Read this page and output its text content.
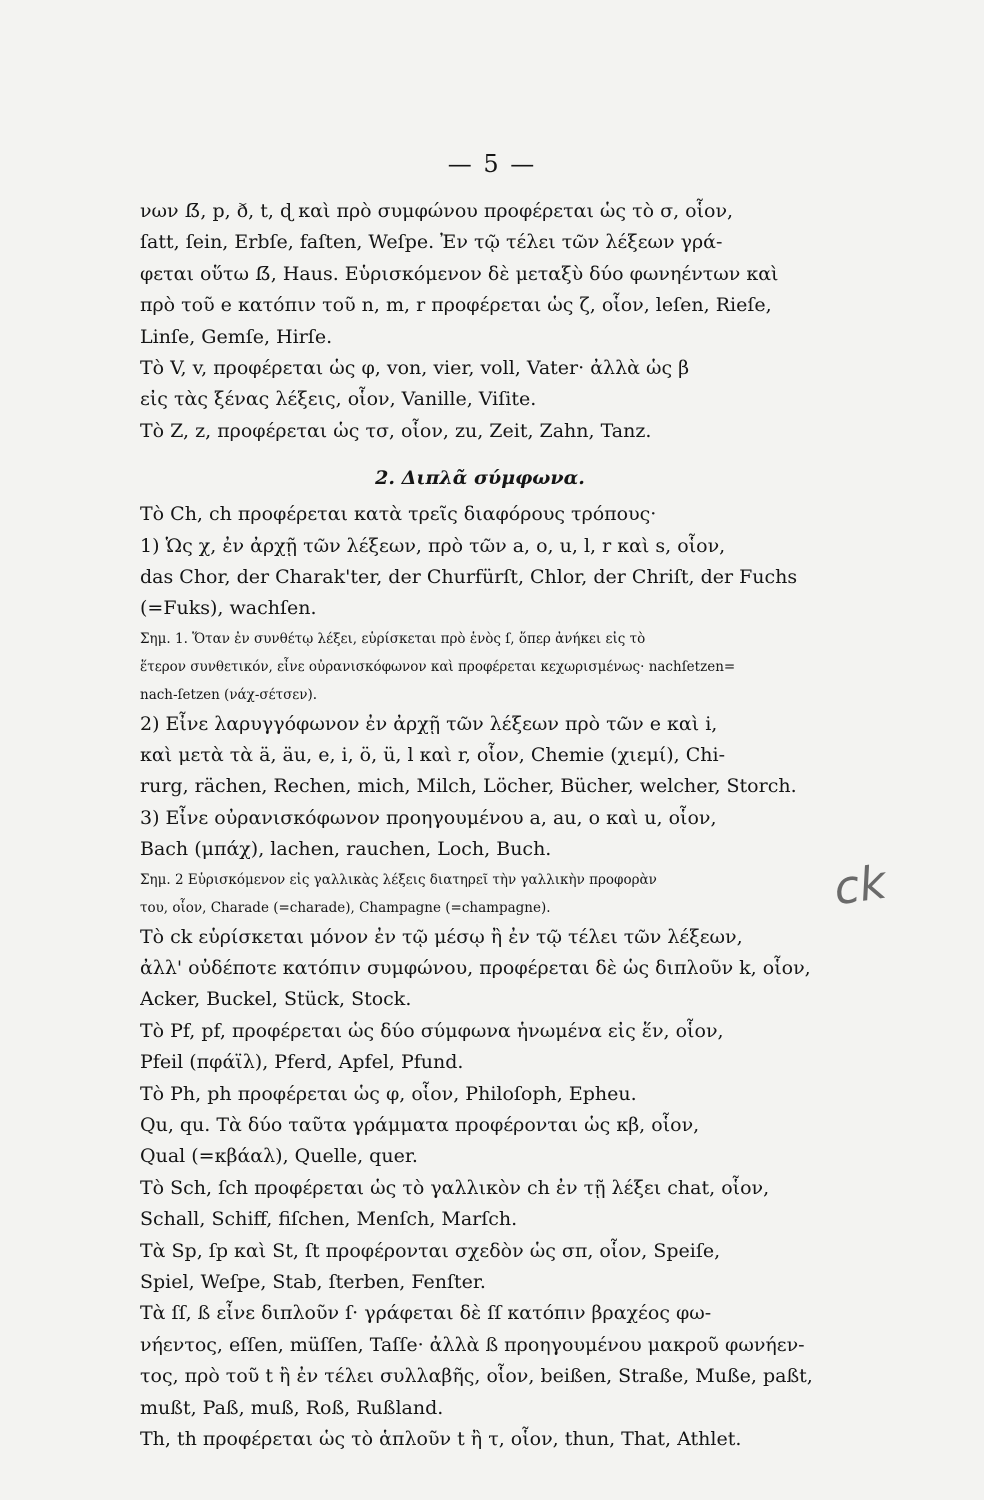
— 5 —
νων ẞ, p, ð, t, ɖ καὶ πρὸ συμφώνου προφέρεται ὡς τὸ σ, οἷον,
ſatt, ſein, Erbſe, faſten, Weſpe. Ἐν τῷ τέλει τῶν λέξεων γρά-
φεται οὕτω ẞ, Haus. Εὑρισκόμενον δὲ μεταξὺ δύο φωνηέντων καὶ
πρὸ τοῦ e κατόπιν τοῦ n, m, r προφέρεται ὡς ζ, οἷον, leſen, Rieſe,
Linſe, Gemſe, Hirſe.
Τὸ V, v, προφέρεται ὡς φ, von, vier, voll, Vater· ἀλλὰ ὡς β
εἰς τὰς ξένας λέξεις, οἷον, Vanille, Viſite.
Τὸ Z, z, προφέρεται ὡς τσ, οἷον, zu, Zeit, Zahn, Tanz.
2. Διπλᾶ σύμφωνα.
Τὸ Ch, ch προφέρεται κατὰ τρεῖς διαφόρους τρόπους·
1) Ὡς χ, ἐν ἀρχῇ τῶν λέξεων, πρὸ τῶν a, o, u, l, r καὶ s, οἷον,
das Chor, der Charak'ter, der Churfürſt, Chlor, der Chriſt, der Fuchs
(=Fuks), wachſen.
Σημ. 1. Ὅταν ἐν συνθέτῳ λέξει, εὑρίσκεται πρὸ ἑνὸς ſ, ὅπερ ἀνήκει εἰς τὸ
ἕτερον συνθετικόν, εἶνε οὐρανισκόφωνον καὶ προφέρεται κεχωρισμένως· nachſetzen=
nach-ſetzen (νάχ-σέτσεν).
2) Εἶνε λαρυγγόφωνον ἐν ἀρχῇ τῶν λέξεων πρὸ τῶν e καὶ i,
καὶ μετὰ τὰ ä, äu, e, i, ö, ü, l καὶ r, οἷον, Chemie (χιεμί), Chi-
rurg, rächen, Rechen, mich, Milch, Löcher, Bücher, welcher, Storch.
3) Εἶνε οὐρανισκόφωνον προηγουμένου a, au, o καὶ u, οἷον,
Bach (μπάχ), lachen, rauchen, Loch, Buch.
Σημ. 2 Εὑρισκόμενον εἰς γαλλικὰς λέξεις διατηρεῖ τὴν γαλλικὴν προφορὰν
του, οἷον, Charade (=charade), Champagne (=champagne).
Τὸ ck εὑρίσκεται μόνον ἐν τῷ μέσῳ ἢ ἐν τῷ τέλει τῶν λέξεων,
ἀλλ' οὐδέποτε κατόπιν συμφώνου, προφέρεται δὲ ὡς διπλοῦν k, οἷον,
Acker, Buckel, Stück, Stock.
Τὸ Pf, pf, προφέρεται ὡς δύο σύμφωνα ἡνωμένα εἰς ἕν, οἷον,
Pfeil (πφάϊλ), Pferd, Apfel, Pfund.
Τὸ Ph, ph προφέρεται ὡς φ, οἷον, Philoſoph, Epheu.
Qu, qu. Τὰ δύο ταῦτα γράμματα προφέρονται ὡς κβ, οἷον,
Qual (=κβάαλ), Quelle, quer.
Τὸ Sch, ſch προφέρεται ὡς τὸ γαλλικὸν ch ἐν τῇ λέξει chat, οἷον,
Schall, Schiff, fiſchen, Menſch, Marſch.
Τὰ Sp, ſp καὶ St, ſt προφέρονται σχεδὸν ὡς σπ, οἷον, Speiſe,
Spiel, Weſpe, Stab, ſterben, Fenſter.
Τὰ ſſ, ß εἶνε διπλοῦν ſ· γράφεται δὲ ſſ κατόπιν βραχέος φω-
νήεντος, eſſen, müſſen, Taſſe· ἀλλὰ ß προηγουμένου μακροῦ φωνήεν-
τος, πρὸ τοῦ t ἢ ἐν τέλει συλλαβῆς, οἷον, beißen, Straße, Muße, paßt,
mußt, Paß, muß, Roß, Rußland.
Th, th προφέρεται ὡς τὸ ἁπλοῦν t ἢ τ, οἷον, thun, That, Athlet.
ck
